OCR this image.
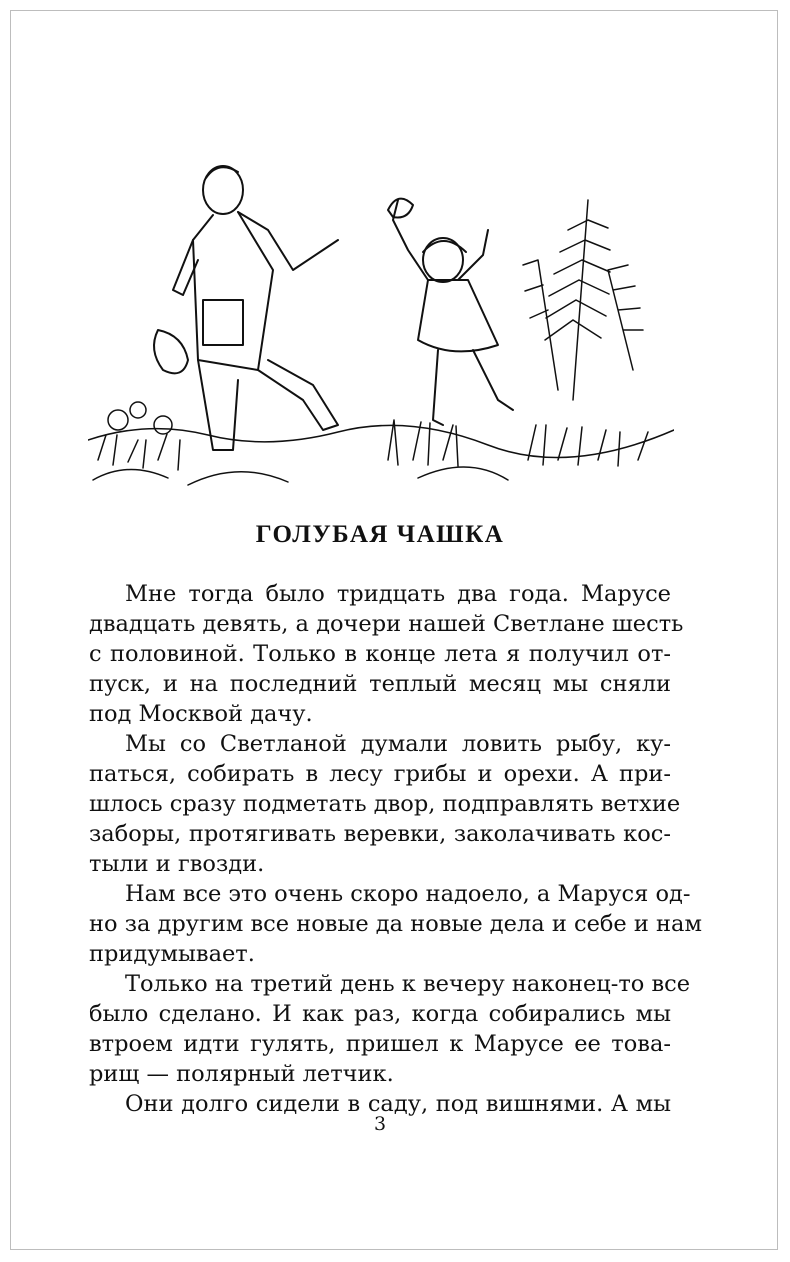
ГОЛУБАЯ ЧАШКА
Мне тогда было тридцать два года. Марусе
двадцать девять, а дочери нашей Светлане шесть
с половиной. Только в конце лета я получил от-
пуск, и на последний теплый месяц мы сняли
под Москвой дачу.
Мы со Светланой думали ловить рыбу, ку-
паться, собирать в лесу грибы и орехи. А при-
шлось сразу подметать двор, подправлять ветхие
заборы, протягивать веревки, заколачивать кос-
тыли и гвозди.
Нам все это очень скоро надоело, а Маруся од-
но за другим все новые да новые дела и себе и нам
придумывает.
Только на третий день к вечеру наконец-то все
было сделано. И как раз, когда собирались мы
втроем идти гулять, пришел к Марусе ее това-
рищ — полярный летчик.
Они долго сидели в саду, под вишнями. А мы
3
